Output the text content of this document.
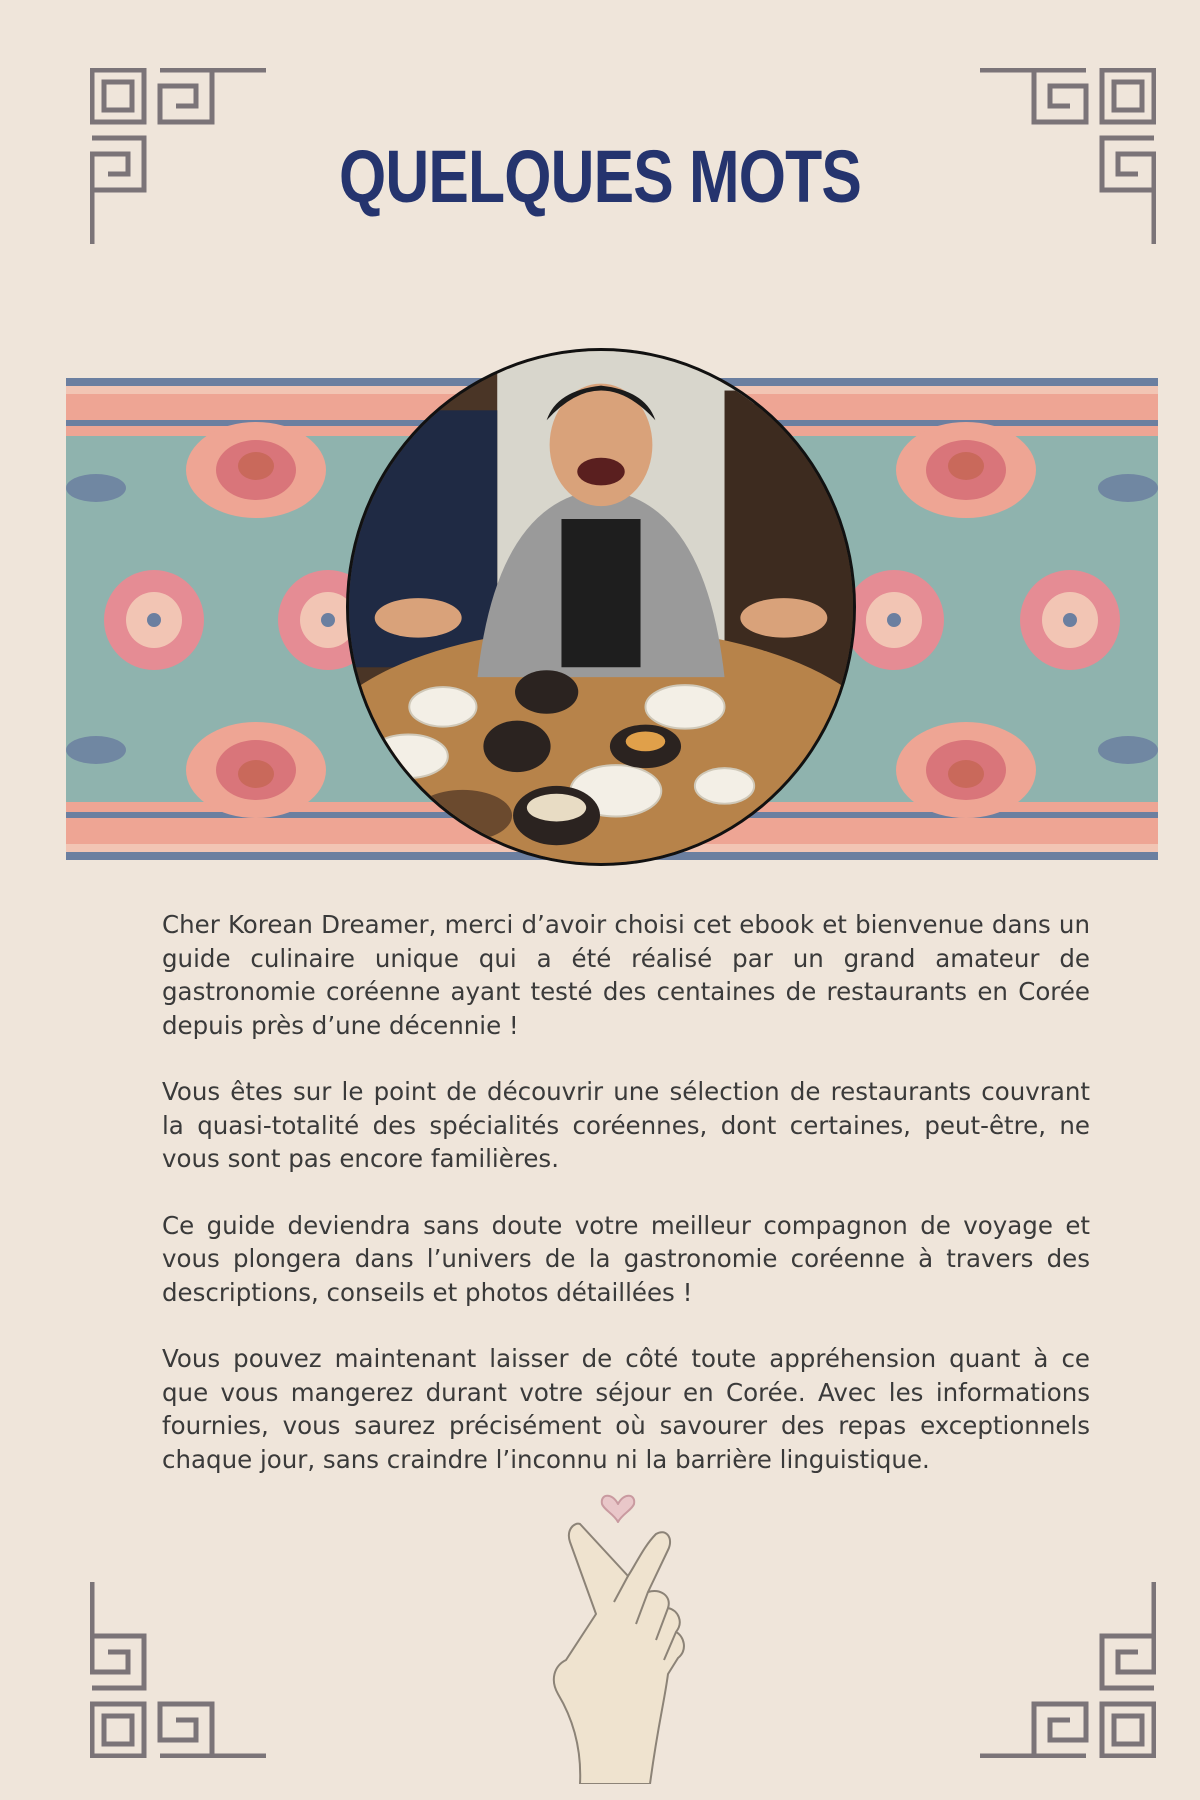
QUELQUES MOTS

Cher Korean Dreamer, merci d’avoir choisi cet ebook et bienvenue dans un guide culinaire unique qui a été réalisé par un grand amateur de gastronomie coréenne ayant testé des centaines de restaurants en Corée depuis près d’une décennie !

Vous êtes sur le point de découvrir une sélection de restaurants couvrant la quasi-totalité des spécialités coréennes, dont certaines, peut-être, ne vous sont pas encore familières.

Ce guide deviendra sans doute votre meilleur compagnon de voyage et vous plongera dans l’univers de la gastronomie coréenne à travers des descriptions, conseils et photos détaillées !

Vous pouvez maintenant laisser de côté toute appréhension quant à ce que vous mangerez durant votre séjour en Corée. Avec les informations fournies, vous saurez précisément où savourer des repas exceptionnels chaque jour, sans craindre l’inconnu ni la barrière linguistique.
